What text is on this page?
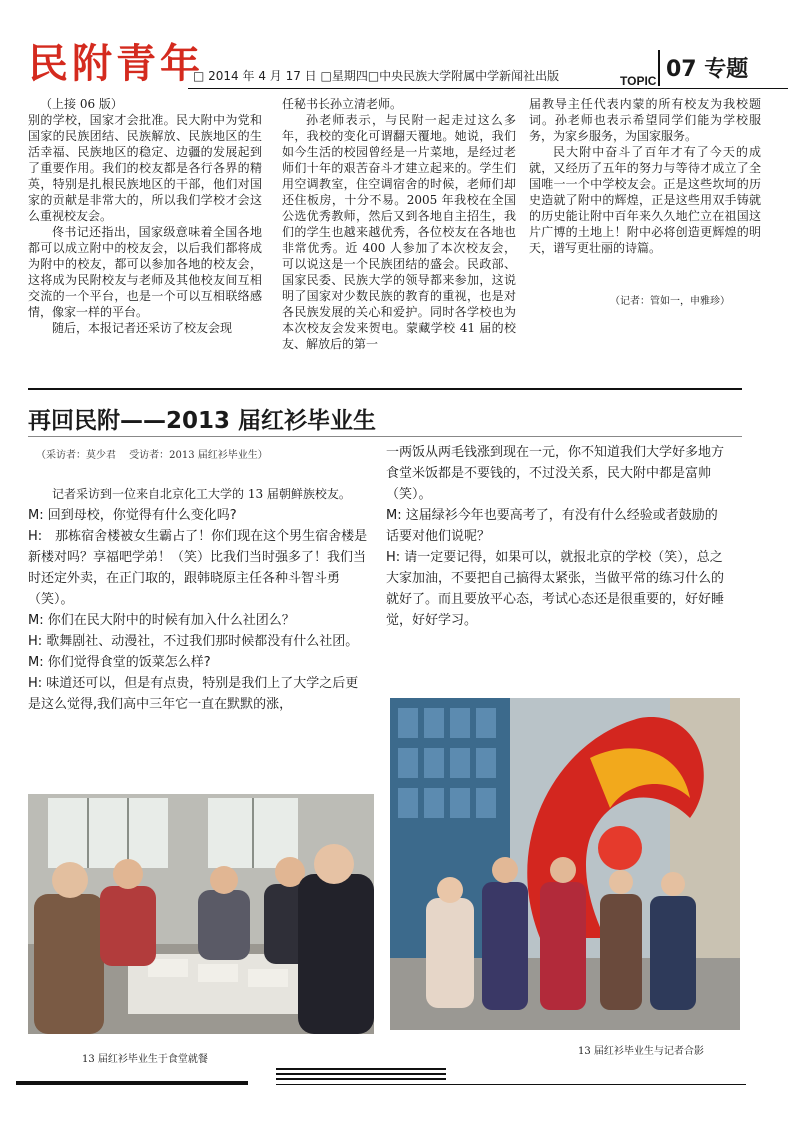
民附青年
□ 2014 年 4 月 17 日 □星期四□中央民族大学附属中学新闻社出版	07 专题
TOPIC

（上接 06 版）

别的学校，国家才会批准。民大附中为党和国家的民族团结、民族解放、民族地区的生活幸福、民族地区的稳定、边疆的发展起到了重要作用。我们的校友都是各行各界的精英，特别是扎根民族地区的干部，他们对国家的贡献是非常大的，所以我们学校才会这么重视校友会。

佟书记还指出，国家级意味着全国各地都可以成立附中的校友会，以后我们都将成为附中的校友，都可以参加各地的校友会，这将成为民附校友与老师及其他校友间互相交流的一个平台，也是一个可以互相联络感情，像家一样的平台。

随后，本报记者还采访了校友会现

任秘书长孙立清老师。

孙老师表示，与民附一起走过这么多年，我校的变化可谓翻天覆地。她说，我们如今生活的校园曾经是一片菜地，是经过老师们十年的艰苦奋斗才建立起来的。学生们用空调教室，住空调宿舍的时候，老师们却还住板房，十分不易。2005 年我校在全国公选优秀教师，然后又到各地自主招生，我们的学生也越来越优秀，各位校友在各地也非常优秀。近 400 人参加了本次校友会，可以说这是一个民族团结的盛会。民政部、国家民委、民族大学的领导都来参加，这说明了国家对少数民族的教育的重视，也是对各民族发展的关心和爱护。同时各学校也为本次校友会发来贺电。蒙藏学校 41 届的校友、解放后的第一

届教导主任代表内蒙的所有校友为我校题词。孙老师也表示希望同学们能为学校服务，为家乡服务，为国家服务。

民大附中奋斗了百年才有了今天的成就，又经历了五年的努力与等待才成立了全国唯一一个中学校友会。正是这些坎坷的历史造就了附中的辉煌，正是这些用双手铸就的历史能让附中百年来久久地伫立在祖国这片广博的土地上！附中必将创造更辉煌的明天，谱写更壮丽的诗篇。

（记者：管如一，申雅珍）
再回民附——2013 届红衫毕业生
（采访者：莫少君　 受访者：2013 届红衫毕业生）

记者采访到一位来自北京化工大学的 13 届朝鲜族校友。

M: 回到母校，你觉得有什么变化吗?

H:　那栋宿舍楼被女生霸占了！你们现在这个男生宿舍楼是新楼对吗？享福吧学弟！（笑）比我们当时强多了！我们当时还定外卖，在正门取的，跟韩晓原主任各种斗智斗勇（笑）。

M: 你们在民大附中的时候有加入什么社团么？

H: 歌舞剧社、动漫社，不过我们那时候都没有什么社团。

M: 你们觉得食堂的饭菜怎么样?

H: 味道还可以，但是有点贵，特别是我们上了大学之后更是这么觉得,我们高中三年它一直在默默的涨，

一两饭从两毛钱涨到现在一元，你不知道我们大学好多地方食堂米饭都是不要钱的，不过没关系，民大附中都是富帅（笑）。

M: 这届绿衫今年也要高考了，有没有什么经验或者鼓励的话要对他们说呢？

H: 请一定要记得，如果可以，就报北京的学校（笑），总之大家加油，不要把自己搞得太紧张，当做平常的练习什么的就好了。而且要放平心态，考试心态还是很重要的，好好睡觉，好好学习。

13 届红衫毕业生于食堂就餐
13 届红衫毕业生与记者合影
